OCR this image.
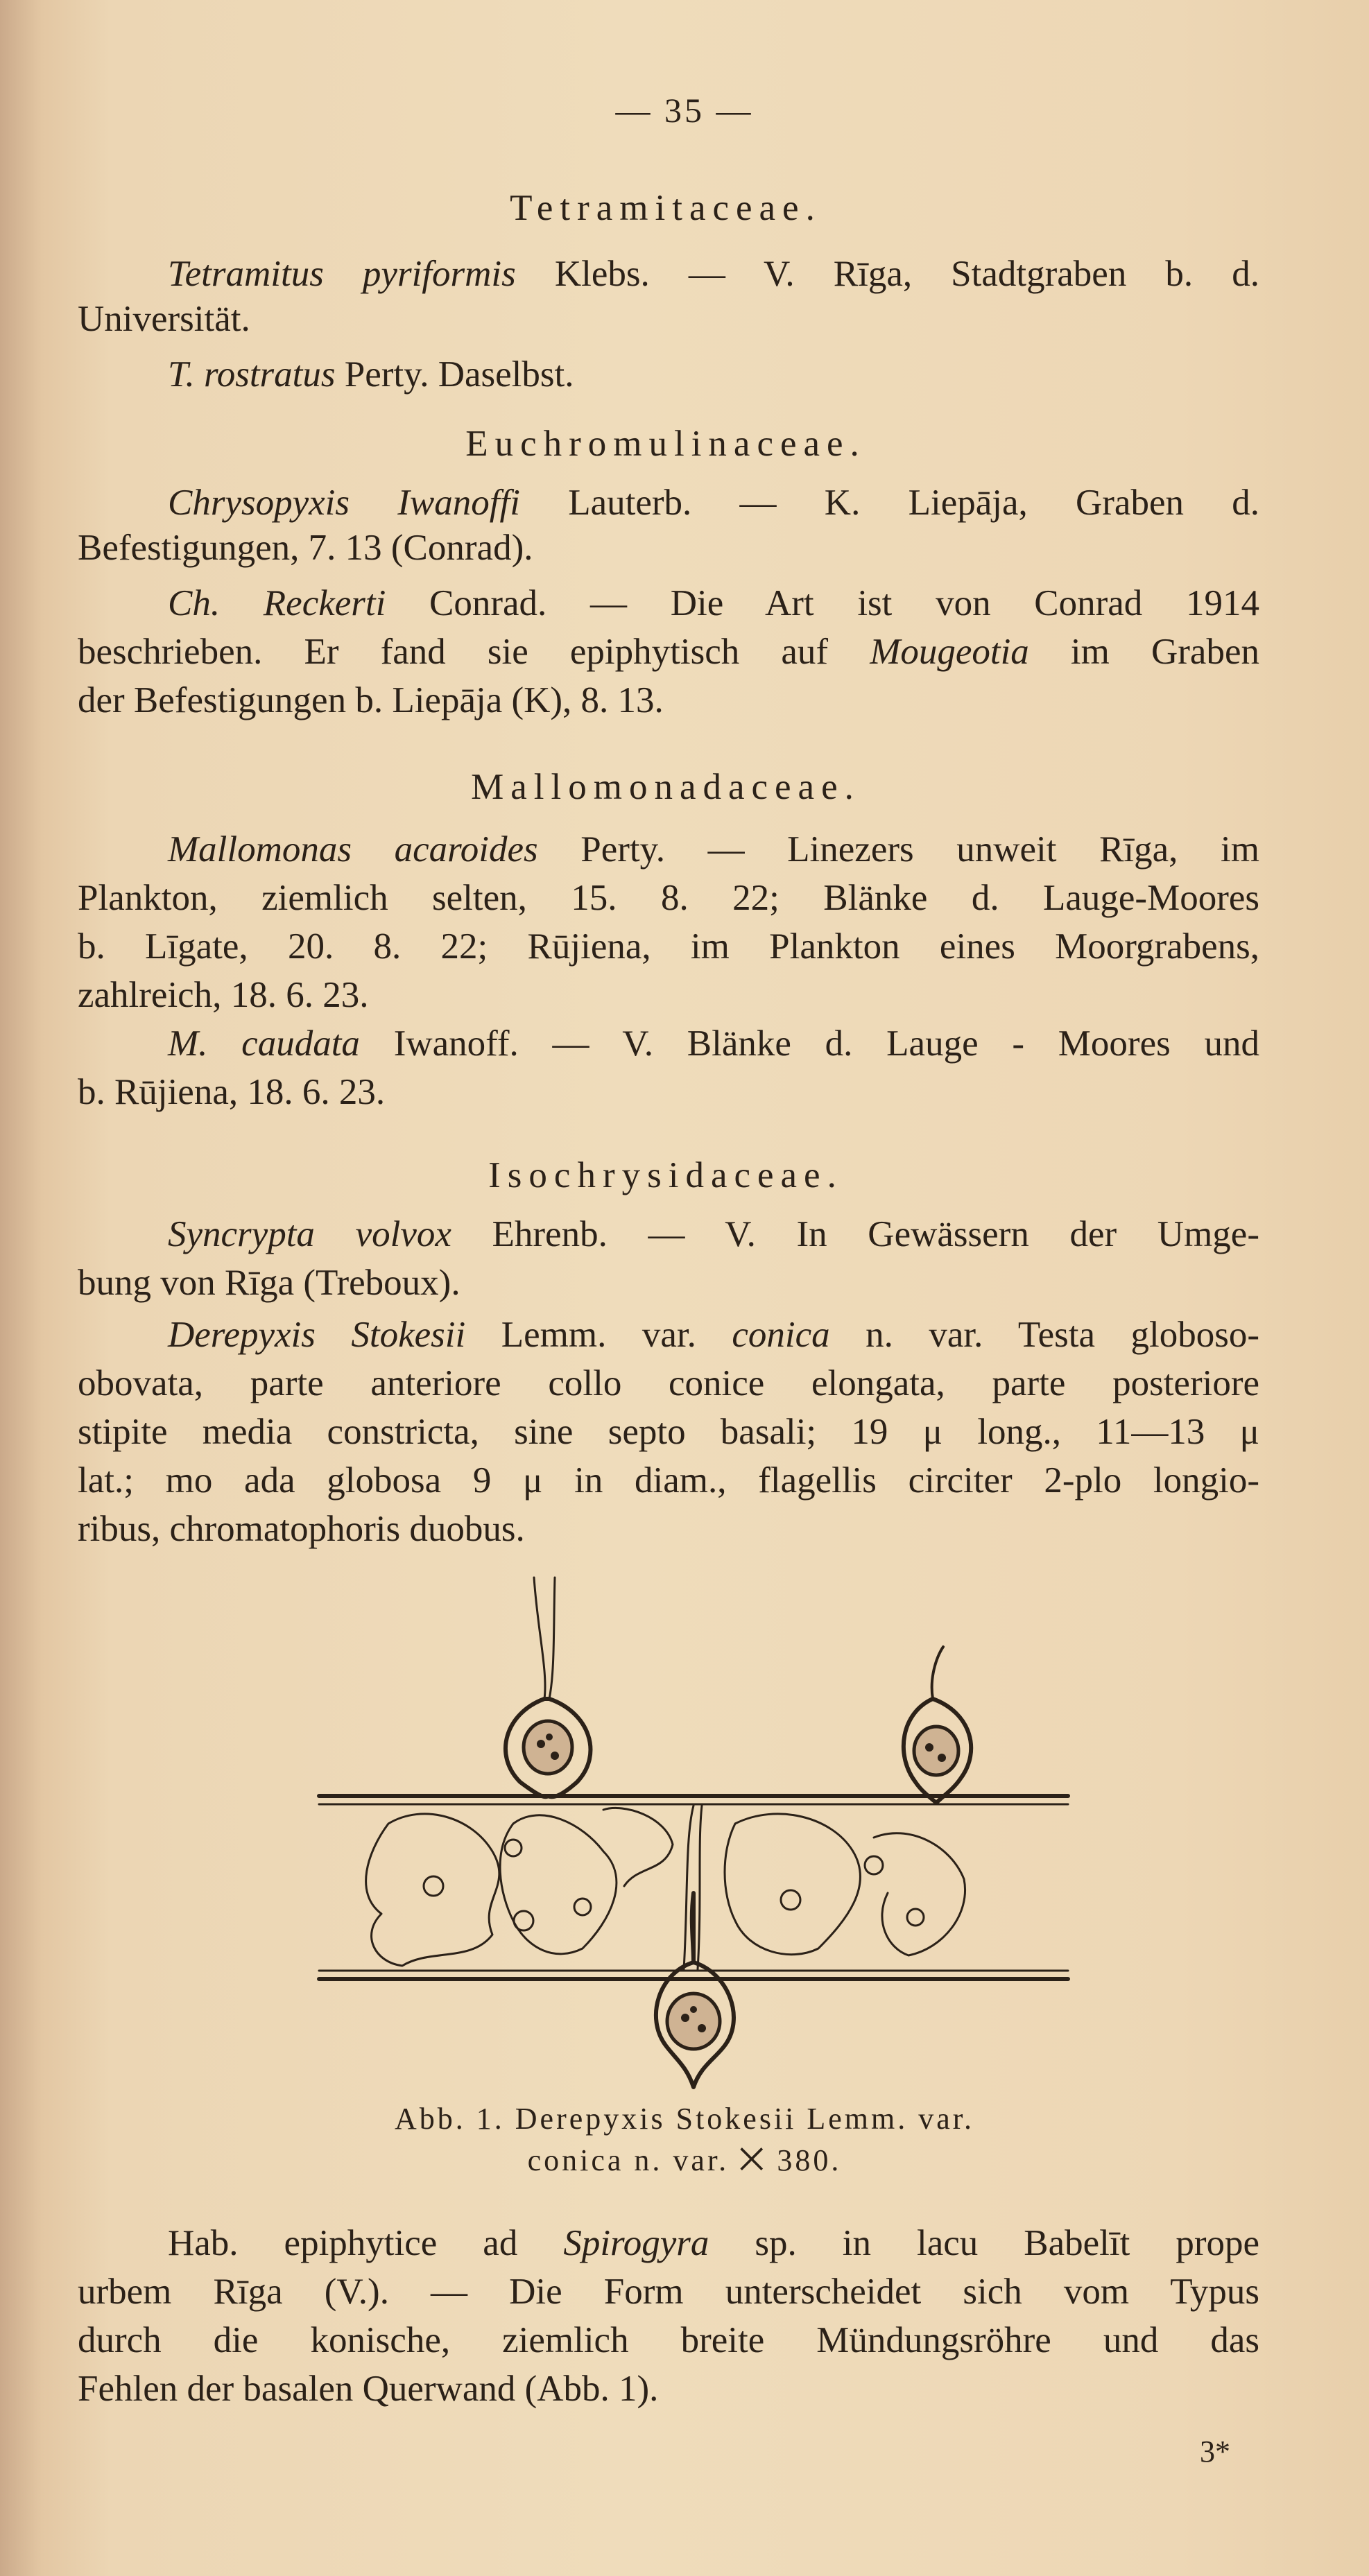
— 35 —
Tetramitaceae.
Tetramitus pyriformis Klebs. — V. Rīga, Stadtgraben b. d.
Universität.
T. rostratus Perty. Daselbst.
Euchromulinaceae.
Chrysopyxis Iwanoffi Lauterb. — K. Liepāja, Graben d.
Befestigungen, 7. 13 (Conrad).
Ch. Reckerti Conrad. — Die Art ist von Conrad 1914
beschrieben. Er fand sie epiphytisch auf Mougeotia im Graben
der Befestigungen b. Liepāja (K), 8. 13.
Mallomonadaceae.
Mallomonas acaroides Perty. — Linezers unweit Rīga, im
Plankton, ziemlich selten, 15. 8. 22; Blänke d. Lauge-Moores
b. Līgate, 20. 8. 22; Rūjiena, im Plankton eines Moorgrabens,
zahlreich, 18. 6. 23.
M. caudata Iwanoff. — V. Blänke d. Lauge - Moores und
b. Rūjiena, 18. 6. 23.
Isochrysidaceae.
Syncrypta volvox Ehrenb. — V. In Gewässern der Umge-
bung von Rīga (Treboux).
Derepyxis Stokesii Lemm. var. conica n. var. Testa globoso-
obovata, parte anteriore collo conice elongata, parte posteriore
stipite media constricta, sine septo basali; 19 μ long., 11—13 μ
lat.; mo ada globosa 9 μ in diam., flagellis circiter 2-plo longio-
ribus, chromatophoris duobus.
Abb. 1. Derepyxis Stokesii Lemm. var.
conica n. var. ⨉ 380.
Hab. epiphytice ad Spirogyra sp. in lacu Babelīt prope
urbem Rīga (V.). — Die Form unterscheidet sich vom Typus
durch die konische, ziemlich breite Mündungsröhre und das
Fehlen der basalen Querwand (Abb. 1).
3*
